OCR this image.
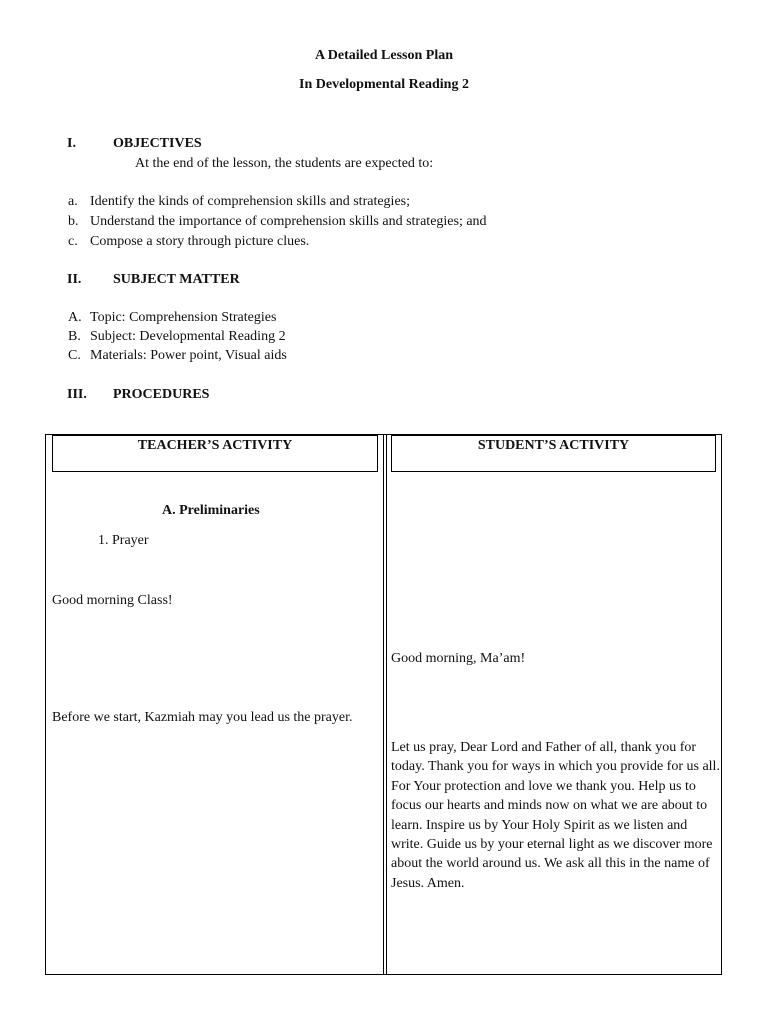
A Detailed Lesson Plan
In Developmental Reading 2
I.	OBJECTIVES
At the end of the lesson, the students are expected to:
a. Identify the kinds of comprehension skills and strategies;
b. Understand the importance of comprehension skills and strategies; and
c. Compose a story through picture clues.
II. SUBJECT MATTER
A. Topic: Comprehension Strategies
B. Subject: Developmental Reading 2
C. Materials: Power point, Visual aids
III. PROCEDURES
TEACHER’S ACTIVITY	STUDENT’S ACTIVITY
A. Preliminaries
1. Prayer
Good morning Class!
Good morning, Ma’am!
Before we start, Kazmiah may you lead us the prayer.
Let us pray, Dear Lord and Father of all, thank you for today. Thank you for ways in which you provide for us all. For Your protection and love we thank you. Help us to focus our hearts and minds now on what we are about to learn. Inspire us by Your Holy Spirit as we listen and write. Guide us by your eternal light as we discover more about the world around us. We ask all this in the name of Jesus. Amen.
